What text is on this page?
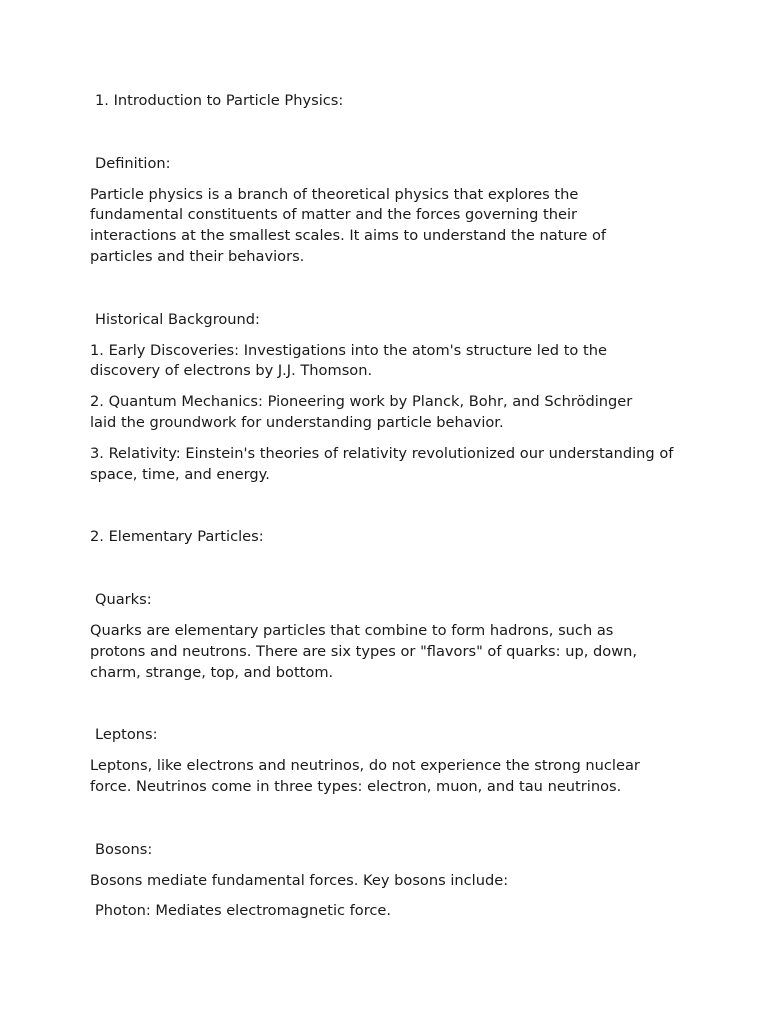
1. Introduction to Particle Physics:

Definition:

Particle physics is a branch of theoretical physics that explores the fundamental constituents of matter and the forces governing their interactions at the smallest scales. It aims to understand the nature of particles and their behaviors.

Historical Background:

1. Early Discoveries: Investigations into the atom's structure led to the discovery of electrons by J.J. Thomson.

2. Quantum Mechanics: Pioneering work by Planck, Bohr, and Schrödinger laid the groundwork for understanding particle behavior.

3. Relativity: Einstein's theories of relativity revolutionized our understanding of space, time, and energy.

2. Elementary Particles:

Quarks:

Quarks are elementary particles that combine to form hadrons, such as protons and neutrons. There are six types or "flavors" of quarks: up, down, charm, strange, top, and bottom.

Leptons:

Leptons, like electrons and neutrinos, do not experience the strong nuclear force. Neutrinos come in three types: electron, muon, and tau neutrinos.

Bosons:

Bosons mediate fundamental forces. Key bosons include:

Photon: Mediates electromagnetic force.
